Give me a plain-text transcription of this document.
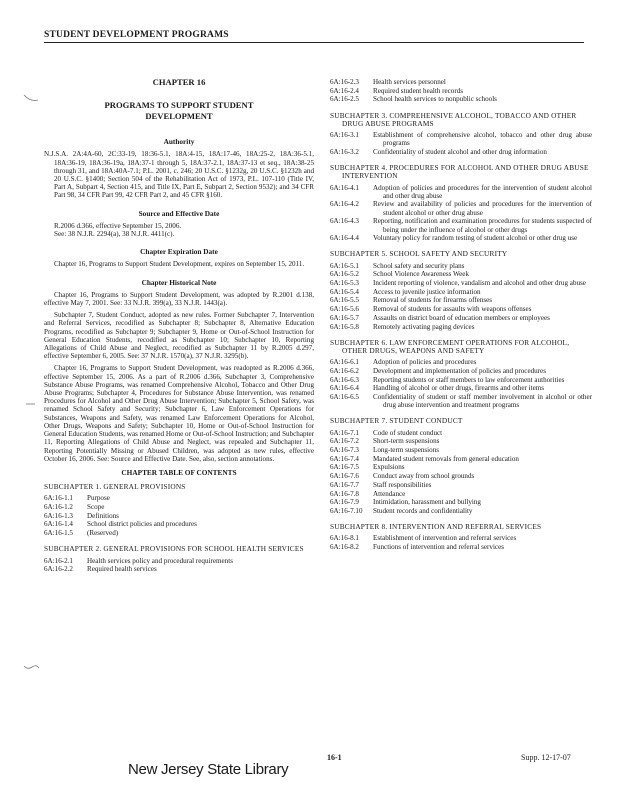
STUDENT DEVELOPMENT PROGRAMS
CHAPTER 16
PROGRAMS TO SUPPORT STUDENT
DEVELOPMENT
Authority

N.J.S.A. 2A:4A-60, 2C:33-19, 18:36-5.1, 18A:4-15, 18A:17-46, 18A:25-2, 18A:36-5.1, 18A:36-19, 18A:36-19a, 18A:37-1 through 5, 18A:37-2.1, 18A:37-13 et seq., 18A:38-25 through 31, and 18A:40A-7.1; P.L. 2001, c. 246; 20 U.S.C. §1232g, 20 U.S.C. §1232h and 20 U.S.C. §1400; Section 504 of the Rehabilitation Act of 1973, P.L. 107-110 (Title IV, Part A, Subpart 4, Section 415, and Title IX, Part E, Subpart 2, Section 9532); and 34 CFR Part 98, 34 CFR Part 99, 42 CFR Part 2, and 45 CFR §160.

Source and Effective Date

R.2006 d.366, effective September 15, 2006.

See: 38 N.J.R. 2294(a), 38 N.J.R. 4411(c).

Chapter Expiration Date

Chapter 16, Programs to Support Student Development, expires on September 15, 2011.

Chapter Historical Note

Chapter 16, Programs to Support Student Development, was adopted by R.2001 d.138, effective May 7, 2001. See: 33 N.J.R. 399(a), 33 N.J.R. 1443(a).

Subchapter 7, Student Conduct, adopted as new rules. Former Subchapter 7, Intervention and Referral Services, recodified as Subchapter 8; Subchapter 8, Alternative Education Programs, recodified as Subchapter 9; Subchapter 9, Home or Out-of-School Instruction for General Education Students, recodified as Subchapter 10; Subchapter 10, Reporting Allegations of Child Abuse and Neglect, recodified as Subchapter 11 by R.2005 d.297, effective September 6, 2005. See: 37 N.J.R. 1570(a), 37 N.J.R. 3295(b).

Chapter 16, Programs to Support Student Development, was readopted as R.2006 d.366, effective September 15, 2006. As a part of R.2006 d.366, Subchapter 3, Comprehensive Substance Abuse Programs, was renamed Comprehensive Alcohol, Tobacco and Other Drug Abuse Programs; Subchapter 4, Procedures for Substance Abuse Intervention, was renamed Procedures for Alcohol and Other Drug Abuse Intervention; Subchapter 5, School Safety, was renamed School Safety and Security; Subchapter 6, Law Enforcement Operations for Substances, Weapons and Safety, was renamed Law Enforcement Operations for Alcohol, Other Drugs, Weapons and Safety; Subchapter 10, Home or Out-of-School Instruction for General Education Students, was renamed Home or Out-of-School Instruction; and Subchapter 11, Reporting Allegations of Child Abuse and Neglect, was repealed and Subchapter 11, Reporting Potentially Missing or Abused Children, was adopted as new rules, effective October 16, 2006. See: Source and Effective Date. See, also, section annotations.

CHAPTER TABLE OF CONTENTS
SUBCHAPTER 1. GENERAL PROVISIONS
6A:16-1.1	Purpose
6A:16-1.2	Scope
6A:16-1.3	Definitions
6A:16-1.4	School district policies and procedures
6A:16-1.5	(Reserved)
SUBCHAPTER 2. GENERAL PROVISIONS FOR SCHOOL HEALTH SERVICES
6A:16-2.1	Health services policy and procedural requirements
6A:16-2.2	Required health services
6A:16-2.3	Health services personnel
6A:16-2.4	Required student health records
6A:16-2.5	School health services to nonpublic schools
SUBCHAPTER 3. COMPREHENSIVE ALCOHOL, TOBACCO AND OTHER DRUG ABUSE PROGRAMS
6A:16-3.1	Establishment of comprehensive alcohol, tobacco and other drug abuse programs
6A:16-3.2	Confidentiality of student alcohol and other drug information
SUBCHAPTER 4. PROCEDURES FOR ALCOHOL AND OTHER DRUG ABUSE INTERVENTION
6A:16-4.1	Adoption of policies and procedures for the intervention of student alcohol and other drug abuse
6A:16-4.2	Review and availability of policies and procedures for the intervention of student alcohol or other drug abuse
6A:16-4.3	Reporting, notification and examination procedures for students suspected of being under the influence of alcohol or other drugs
6A:16-4.4	Voluntary policy for random testing of student alcohol or other drug use
SUBCHAPTER 5. SCHOOL SAFETY AND SECURITY
6A:16-5.1	School safety and security plans
6A:16-5.2	School Violence Awareness Week
6A:16-5.3	Incident reporting of violence, vandalism and alcohol and other drug abuse
6A:16-5.4	Access to juvenile justice information
6A:16-5.5	Removal of students for firearms offenses
6A:16-5.6	Removal of students for assaults with weapons offenses
6A:16-5.7	Assaults on district board of education members or employees
6A:16-5.8	Remotely activating paging devices
SUBCHAPTER 6. LAW ENFORCEMENT OPERATIONS FOR ALCOHOL, OTHER DRUGS, WEAPONS AND SAFETY
6A:16-6.1	Adoption of policies and procedures
6A:16-6.2	Development and implementation of policies and procedures
6A:16-6.3	Reporting students or staff members to law enforcement authorities
6A:16-6.4	Handling of alcohol or other drugs, firearms and other items
6A:16-6.5	Confidentiality of student or staff member involvement in alcohol or other drug abuse intervention and treatment programs
SUBCHAPTER 7. STUDENT CONDUCT
6A:16-7.1	Code of student conduct
6A:16-7.2	Short-term suspensions
6A:16-7.3	Long-term suspensions
6A:16-7.4	Mandated student removals from general education
6A:16-7.5	Expulsions
6A:16-7.6	Conduct away from school grounds
6A:16-7.7	Staff responsibilities
6A:16-7.8	Attendance
6A:16-7.9	Intimidation, harassment and bullying
6A:16-7.10	Student records and confidentiality
SUBCHAPTER 8. INTERVENTION AND REFERRAL SERVICES
6A:16-8.1	Establishment of intervention and referral services
6A:16-8.2	Functions of intervention and referral services
16-1	Supp. 12-17-07
New Jersey State Library
